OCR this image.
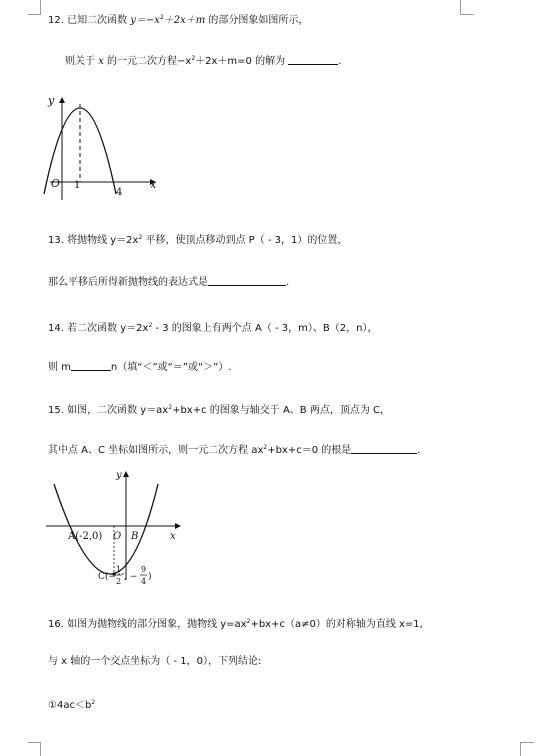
12. 已知二次函数 $y=-x^2+2x+m$ 的部分图象如图所示，
则关于 x 的一元二次方程$-x^2+2x+m=0$ 的解为	.
y
x
O 1
4
13. 将抛物线 $y=2x^2$ 平移，使顶点移动到点 P（ - 3，1）的位置，
那么平移后所得新抛物线的表达式是	.
14. 若二次函数 $y=2x^2 - 3$ 的图象上有两个点 A（ - 3，m）、B（2，n），
则 m	n（填“＜”或“＝”或“＞”）.
15. 如图，二次函数 $y=ax^2+bx+c$ 的图象与轴交于 A、B 两点，顶点为 C，
其中点 A、C 坐标如图所示，则一元二次方程 $ax^2+bx+c=0$ 的根是	.
y
x
A(-2,0) O B
C(−
1
2 , −
9
4 )
16. 如图为抛物线的部分图象，抛物线 $y=ax^2+bx+c(a\ne 0)$的对称轴为直线 x=1,
与 x 轴的一个交点坐标为（ - 1，0），下列结论:
$①4ac<b^2$
